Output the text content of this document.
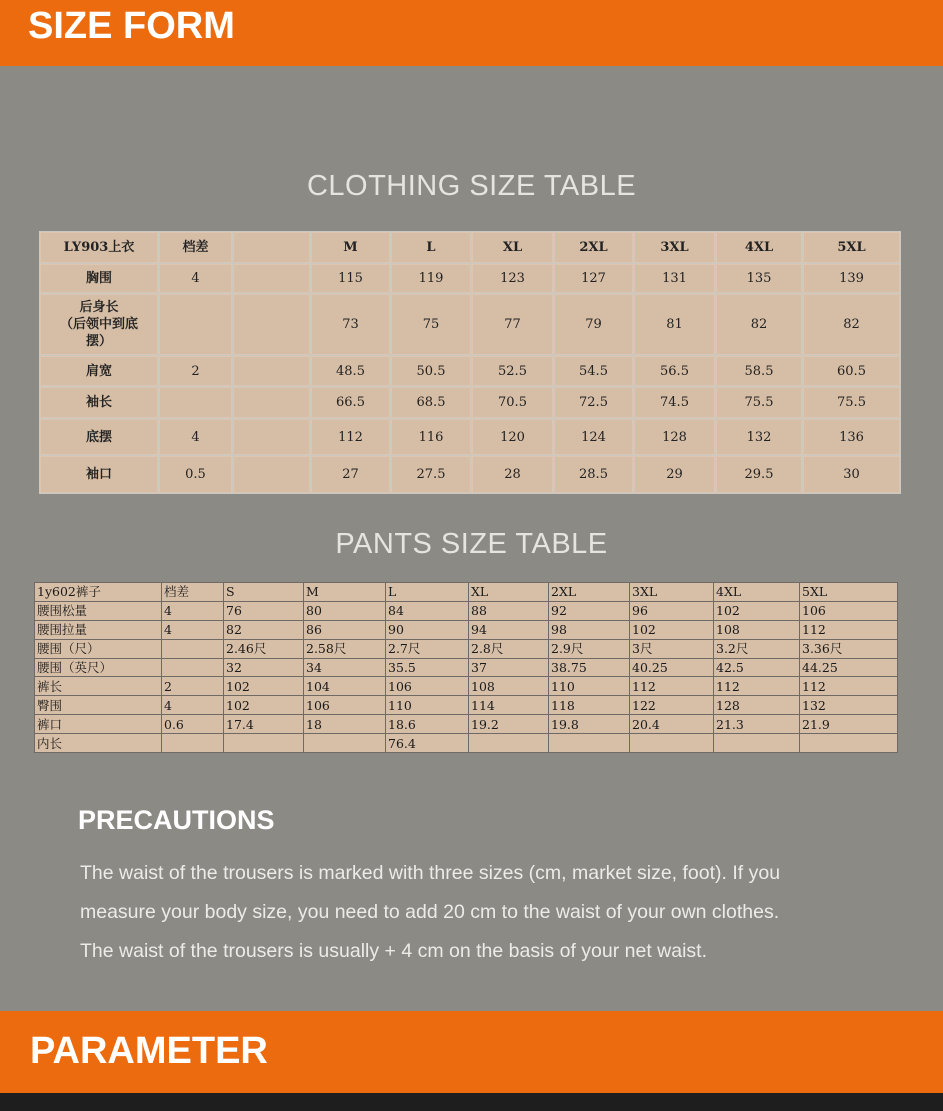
SIZE FORM
CLOTHING SIZE TABLE
LY903上衣	档差		M	L	XL	2XL	3XL	4XL	5XL
胸围	4		115	119	123	127	131	135	139
后身长
（后领中到底
摆）			73	75	77	79	81	82	82
肩宽	2		48.5	50.5	52.5	54.5	56.5	58.5	60.5
袖长			66.5	68.5	70.5	72.5	74.5	75.5	75.5
底摆	4		112	116	120	124	128	132	136
袖口	0.5		27	27.5	28	28.5	29	29.5	30
PANTS SIZE TABLE
1y602裤子	档差	S	M	L	XL	2XL	3XL	4XL	5XL
腰围松量	4	76	80	84	88	92	96	102	106
腰围拉量	4	82	86	90	94	98	102	108	112
腰围（尺）		2.46尺	2.58尺	2.7尺	2.8尺	2.9尺	3尺	3.2尺	3.36尺
腰围（英尺）		32	34	35.5	37	38.75	40.25	42.5	44.25
裤长	2	102	104	106	108	110	112	112	112
臀围	4	102	106	110	114	118	122	128	132
裤口	0.6	17.4	18	18.6	19.2	19.8	20.4	21.3	21.9
内长				76.4					
PRECAUTIONS
The waist of the trousers is marked with three sizes (cm, market size, foot). If you
measure your body size, you need to add 20 cm to the waist of your own clothes.
The waist of the trousers is usually + 4 cm on the basis of your net waist.
PARAMETER
